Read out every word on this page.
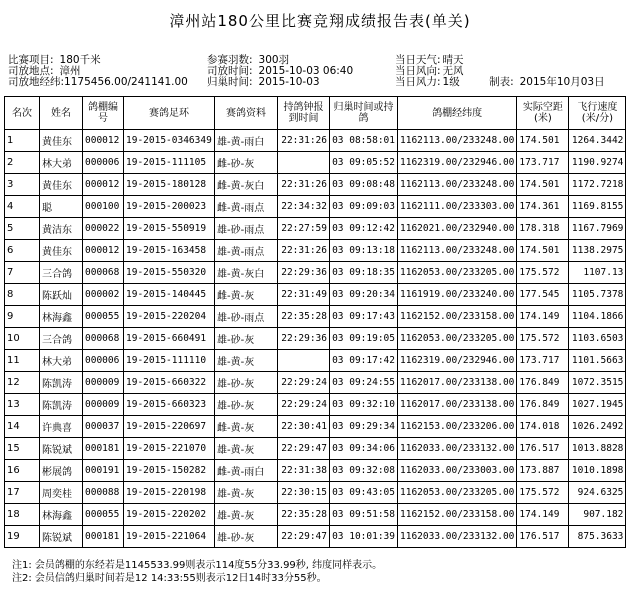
漳州站180公里比赛竞翔成绩报告表(单关)
比赛项目: 180千米
司放地点: 漳州
司放地经纬:1175456.00/241141.00
参赛羽数: 300羽
司放时间: 2015-10-03 06:40
归巢时间: 2015-10-03
当日天气: 晴天
当日风向: 无风
当日风力: 1级	制表: 2015年10月03日
名次	姓名	鸽棚编号	赛鸽足环	赛鸽资料	持鸽钟报到时间	归巢时间或持鸽	鸽棚经纬度	实际空距(米)	飞行速度(米/分)
1	黄佳东	000012	19-2015-0346349	雄-黄-雨白	22:31:26	03 08:58:01	1162113.00/233248.00	174.501	1264.3442
2	林大弟	000006	19-2015-111105	雌-砂-灰		03 09:05:52	1162319.00/232946.00	173.717	1190.9274
3	黄佳东	000012	19-2015-180128	雌-黄-灰白	22:31:26	03 09:08:48	1162113.00/233248.00	174.501	1172.7218
4	聪	000100	19-2015-200023	雌-黄-雨点	22:34:32	03 09:09:03	1162111.00/233303.00	174.361	1169.8155
5	黄洁东	000022	19-2015-550919	雄-砂-雨点	22:27:59	03 09:12:42	1162021.00/232940.00	178.318	1167.7969
6	黄佳东	000012	19-2015-163458	雄-黄-雨点	22:31:26	03 09:13:18	1162113.00/233248.00	174.501	1138.2975
7	三合鸽	000068	19-2015-550320	雄-黄-灰白	22:29:36	03 09:18:35	1162053.00/233205.00	175.572	1107.13
8	陈跃灿	000002	19-2015-140445	雌-黄-灰	22:31:49	03 09:20:34	1161919.00/233240.00	177.545	1105.7378
9	林海鑫	000055	19-2015-220204	雄-砂-雨点	22:35:28	03 09:17:43	1162152.00/233158.00	174.149	1104.1866
10	三合鸽	000068	19-2015-660491	雄-砂-灰	22:29:36	03 09:19:05	1162053.00/233205.00	175.572	1103.6503
11	林大弟	000006	19-2015-111110	雄-黄-灰		03 09:17:42	1162319.00/232946.00	173.717	1101.5663
12	陈凯涛	000009	19-2015-660322	雄-砂-灰	22:29:24	03 09:24:55	1162017.00/233138.00	176.849	1072.3515
13	陈凯涛	000009	19-2015-660323	雄-砂-灰	22:29:24	03 09:32:10	1162017.00/233138.00	176.849	1027.1945
14	许典喜	000037	19-2015-220697	雌-黄-灰	22:30:41	03 09:29:34	1162153.00/233206.00	174.018	1026.2492
15	陈锐斌	000181	19-2015-221070	雄-黄-灰	22:29:47	03 09:34:06	1162033.00/233132.00	176.517	1013.8828
16	彬展鸽	000191	19-2015-150282	雌-黄-雨白	22:31:38	03 09:32:08	1162033.00/233003.00	173.887	1010.1898
17	周奕桂	000088	19-2015-220198	雄-黄-灰	22:30:15	03 09:43:05	1162053.00/233205.00	175.572	924.6325
18	林海鑫	000055	19-2015-220202	雄-黄-灰	22:35:28	03 09:51:58	1162152.00/233158.00	174.149	907.182
19	陈锐斌	000181	19-2015-221064	雄-砂-灰	22:29:47	03 10:01:39	1162033.00/233132.00	176.517	875.3633
注1: 会员鸽棚的东经若是1145533.99则表示114度55分33.99秒, 纬度同样表示。
注2: 会员信鸽归巢时间若是12 14:33:55则表示12日14时33分55秒。
